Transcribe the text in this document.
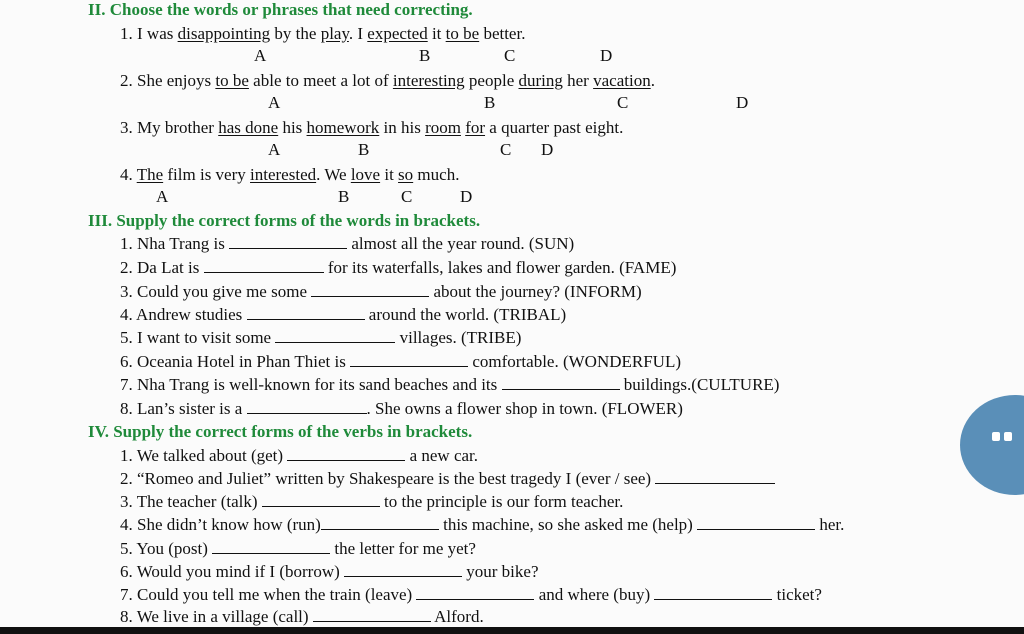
II. Choose the words or phrases that need correcting.
1. I was disappointing by the play. I expected it to be better.
A	B	C	D
2. She enjoys to be able to meet a lot of interesting people during her vacation.
A	B	C	D
3. My brother has done his homework in his room for a quarter past eight.
A	B	C D
4. The film is very interested. We love it so much.
A	B	C	D
III. Supply the correct forms of the words in brackets.
1. Nha Trang is	almost all the year round. (SUN)
2. Da Lat is	for its waterfalls, lakes and flower garden. (FAME)
3. Could you give me some	about the journey? (INFORM)
4. Andrew studies	around the world. (TRIBAL)
5. I want to visit some	villages. (TRIBE)
6. Oceania Hotel in Phan Thiet is	comfortable. (WONDERFUL)
7. Nha Trang is well-known for its sand beaches and its	buildings.(CULTURE)
8. Lan’s sister is a	. She owns a flower shop in town. (FLOWER)
IV. Supply the correct forms of the verbs in brackets.
1. We talked about (get)	a new car.
2. “Romeo and Juliet” written by Shakespeare is the best tragedy I (ever / see)
3. The teacher (talk)	to the principle is our form teacher.
4. She didn’t know how (run)	this machine, so she asked me (help)	her.
5. You (post)	the letter for me yet?
6. Would you mind if I (borrow)	your bike?
7. Could you tell me when the train (leave)	and where (buy)	ticket?
8. We live in a village (call)	Alford.
